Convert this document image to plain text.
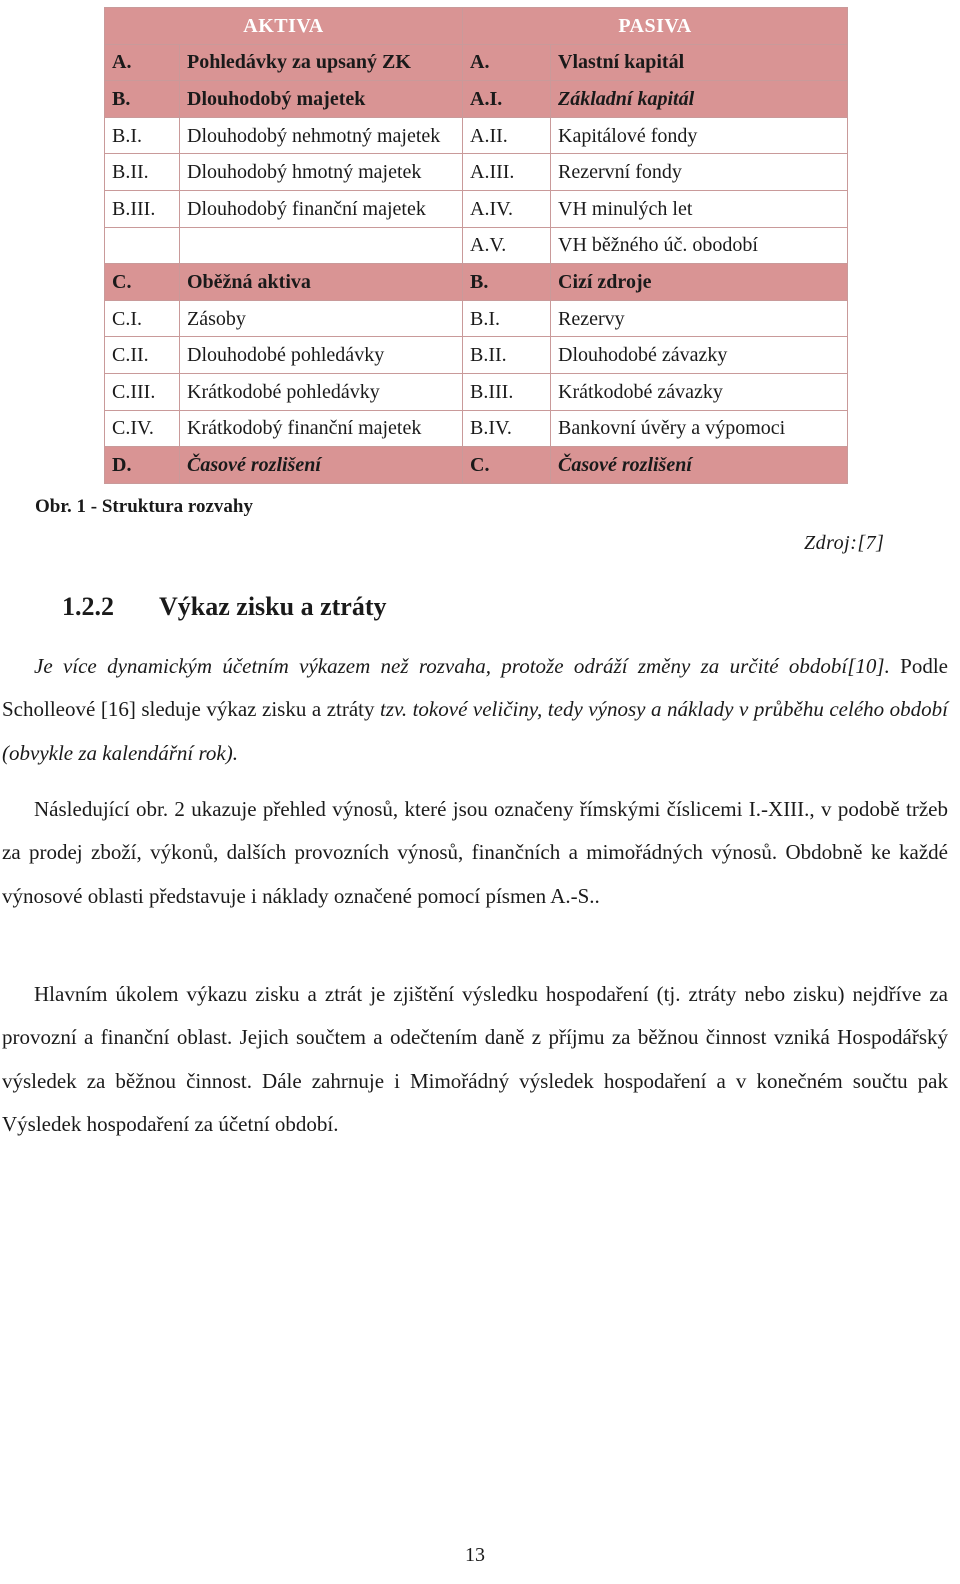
AKTIVA		PASIVA	
A.	Pohledávky za upsaný ZK	A.	Vlastní kapitál
B.	Dlouhodobý majetek	A.I.	Základní kapitál
B.I.	Dlouhodobý nehmotný majetek	A.II.	Kapitálové fondy
B.II.	Dlouhodobý hmotný majetek	A.III.	Rezervní fondy
B.III.	Dlouhodobý finanční majetek	A.IV.	VH minulých let
		A.V.	VH běžného úč. obodobí
C.	Oběžná aktiva	B.	Cizí zdroje
C.I.	Zásoby	B.I.	Rezervy
C.II.	Dlouhodobé pohledávky	B.II.	Dlouhodobé závazky
C.III.	Krátkodobé pohledávky	B.III.	Krátkodobé závazky
C.IV.	Krátkodobý finanční majetek	B.IV.	Bankovní úvěry a výpomoci
D.	Časové rozlišení	C.	Časové rozlišení
Obr. 1 - Struktura rozvahy
Zdroj:[7]
1.2.2 Výkaz zisku a ztráty

Je více dynamickým účetním výkazem než rozvaha, protože odráží změny za určité období[10]. Podle Scholleové [16] sleduje výkaz zisku a ztráty tzv. tokové veličiny, tedy výnosy a náklady v průběhu celého období (obvykle za kalendářní rok).

Následující obr. 2 ukazuje přehled výnosů, které jsou označeny římskými číslicemi I.-XIII., v podobě tržeb za prodej zboží, výkonů, dalších provozních výnosů, finančních a mimořádných výnosů. Obdobně ke každé výnosové oblasti představuje i náklady označené pomocí písmen A.-S..

Hlavním úkolem výkazu zisku a ztrát je zjištění výsledku hospodaření (tj. ztráty nebo zisku) nejdříve za provozní a finanční oblast. Jejich součtem a odečtením daně z příjmu za běžnou činnost vzniká Hospodářský výsledek za běžnou činnost. Dále zahrnuje i Mimořádný výsledek hospodaření a v konečném součtu pak Výsledek hospodaření za účetní období.

13
